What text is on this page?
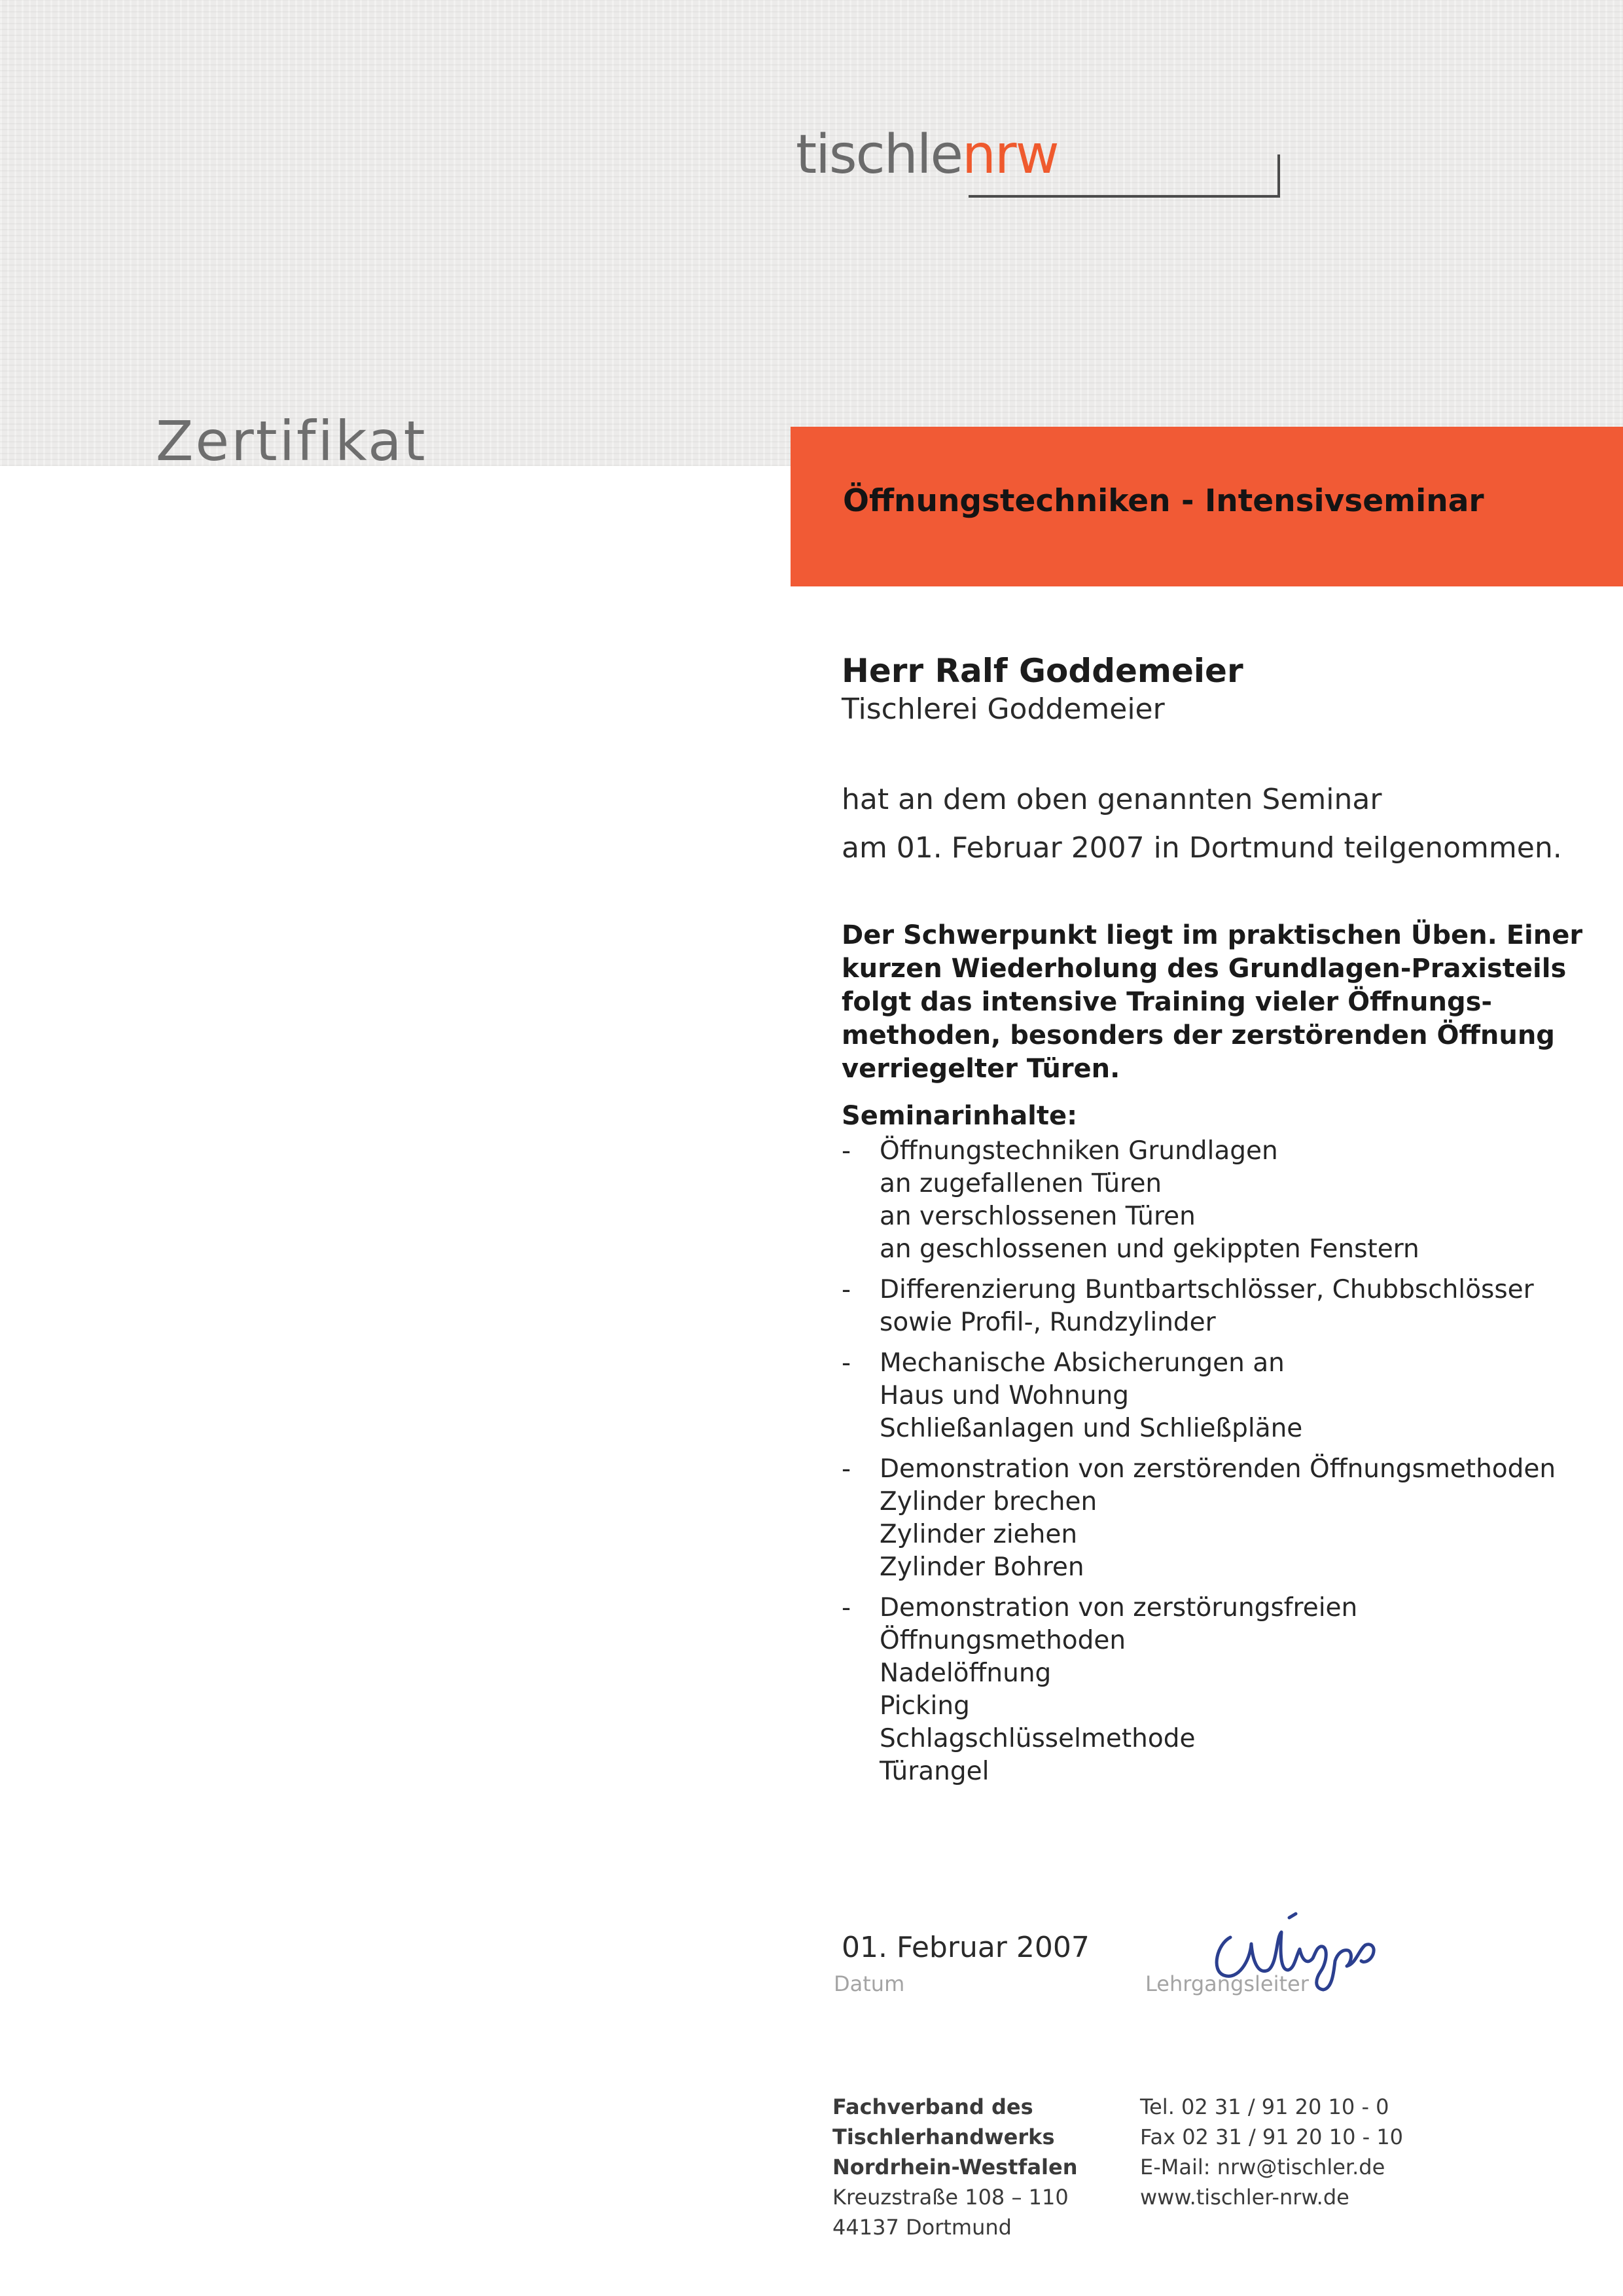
tischlenrw
Zertifikat
Öffnungstechniken - Intensivseminar
Herr Ralf Goddemeier
Tischlerei Goddemeier
hat an dem oben genannten Seminar
am 01. Februar 2007 in Dortmund teilgenommen.
Der Schwerpunkt liegt im praktischen Üben. Einer
kurzen Wiederholung des Grundlagen-Praxisteils
folgt das intensive Training vieler Öffnungs-
methoden, besonders der zerstörenden Öffnung
verriegelter Türen.
Seminarinhalte:
- Öffnungstechniken Grundlagen
an zugefallenen Türen
an verschlossenen Türen
an geschlossenen und gekippten Fenstern
- Differenzierung Buntbartschlösser, Chubbschlösser
sowie Profil-, Rundzylinder
- Mechanische Absicherungen an
Haus und Wohnung
Schließanlagen und Schließpläne
- Demonstration von zerstörenden Öffnungsmethoden
Zylinder brechen
Zylinder ziehen
Zylinder Bohren
- Demonstration von zerstörungsfreien
Öffnungsmethoden
Nadelöffnung
Picking
Schlagschlüsselmethode
Türangel
01. Februar 2007
Datum	Lehrgangsleiter
Fachverband des
Tischlerhandwerks
Nordrhein-Westfalen
Kreuzstraße 108 – 110
44137 Dortmund
Tel. 02 31 / 91 20 10 - 0
Fax 02 31 / 91 20 10 - 10
E-Mail: nrw@tischler.de
www.tischler-nrw.de
